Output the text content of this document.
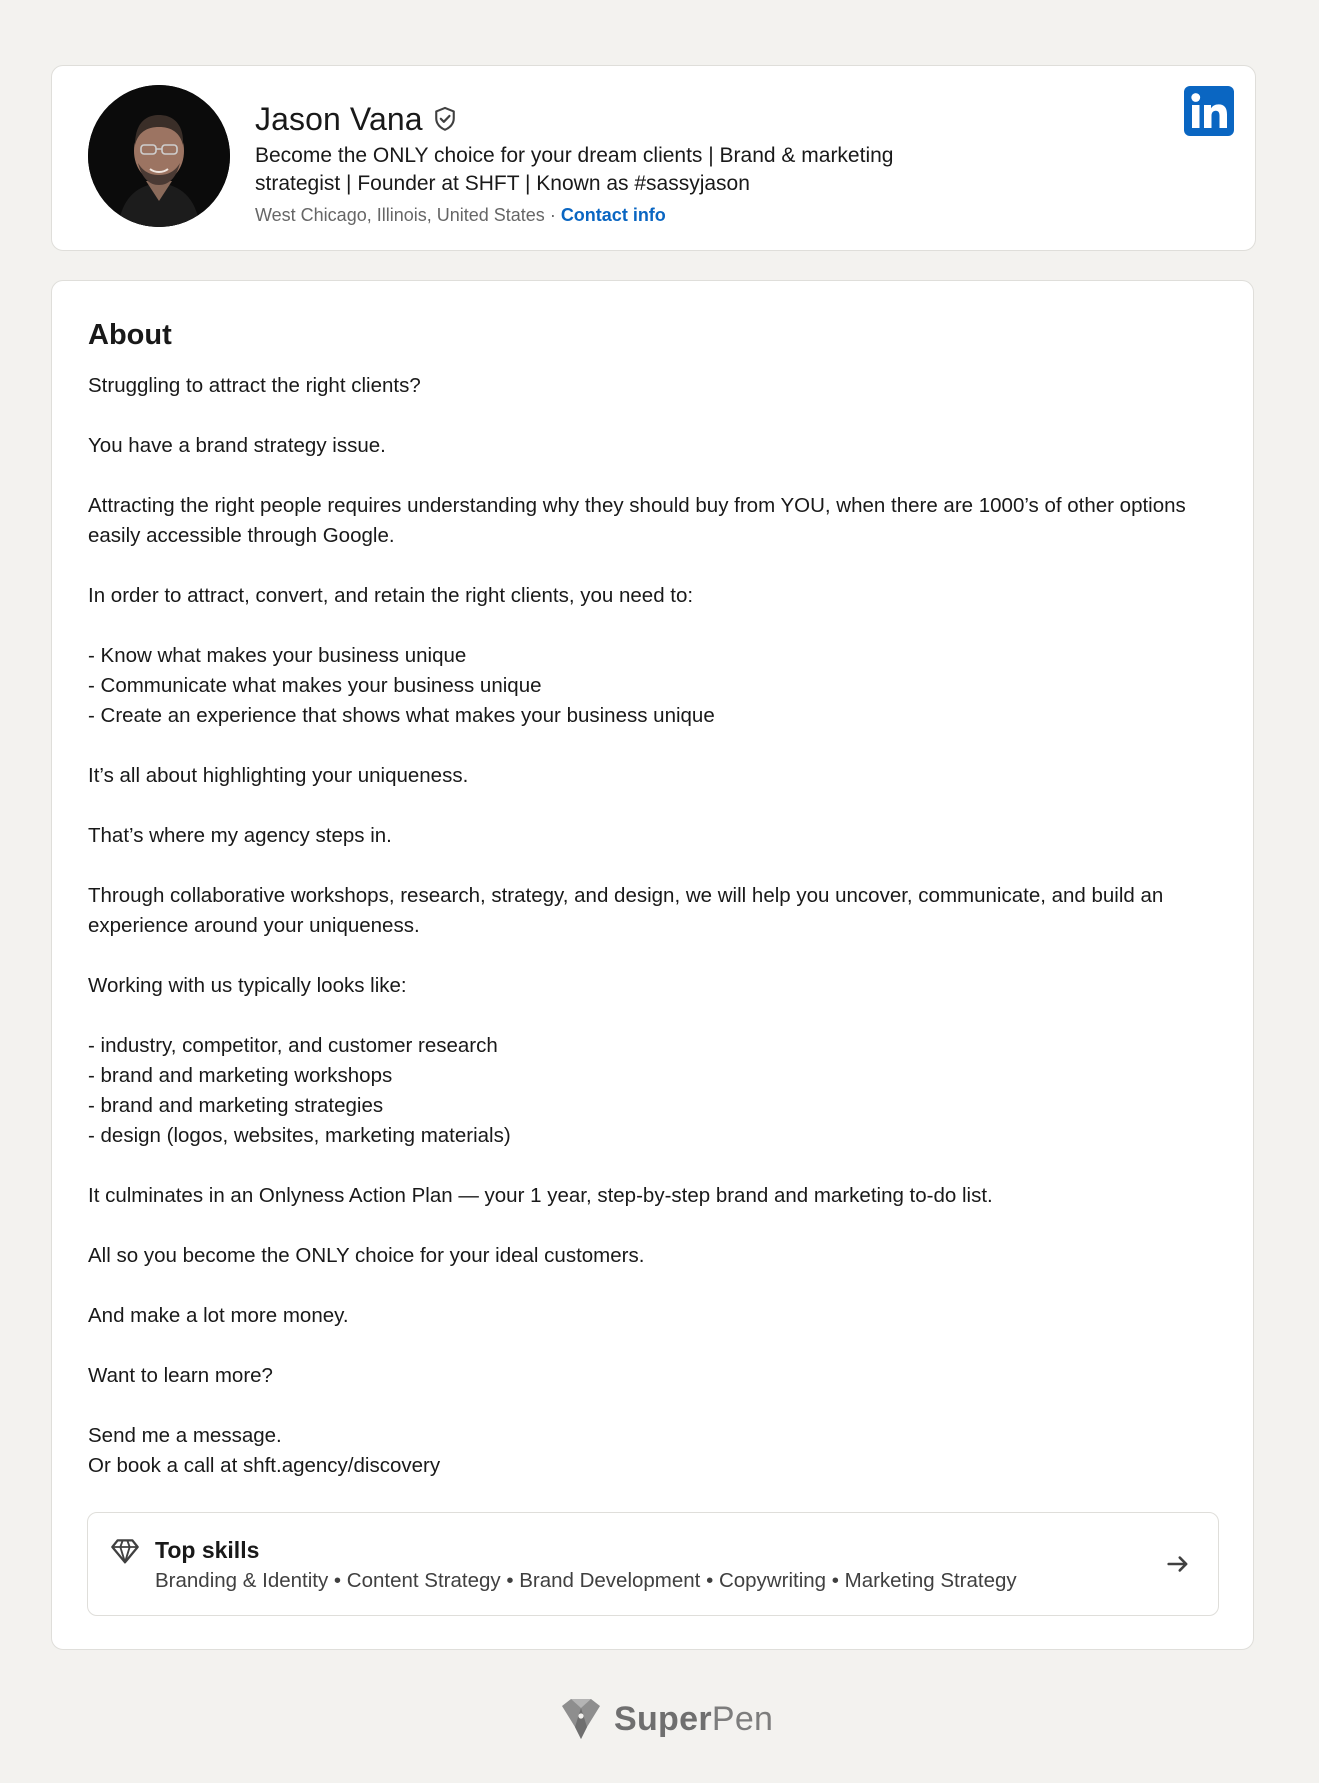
Jason Vana
Become the ONLY choice for your dream clients | Brand & marketing strategist | Founder at SHFT | Known as #sassyjason
West Chicago, Illinois, United States · Contact info
About

Struggling to attract the right clients?

You have a brand strategy issue.

Attracting the right people requires understanding why they should buy from YOU, when there are 1000’s of other options easily accessible through Google.

In order to attract, convert, and retain the right clients, you need to:

- Know what makes your business unique

- Communicate what makes your business unique

- Create an experience that shows what makes your business unique

It’s all about highlighting your uniqueness.

That’s where my agency steps in.

Through collaborative workshops, research, strategy, and design, we will help you uncover, communicate, and build an experience around your uniqueness.

Working with us typically looks like:

- industry, competitor, and customer research

- brand and marketing workshops

- brand and marketing strategies

- design (logos, websites, marketing materials)

It culminates in an Onlyness Action Plan — your 1 year, step-by-step brand and marketing to-do list.

All so you become the ONLY choice for your ideal customers.

And make a lot more money.

Want to learn more?

Send me a message.

Or book a call at shft.agency/discovery

Top skills
Branding & Identity • Content Strategy • Brand Development • Copywriting • Marketing Strategy
SuperPen
